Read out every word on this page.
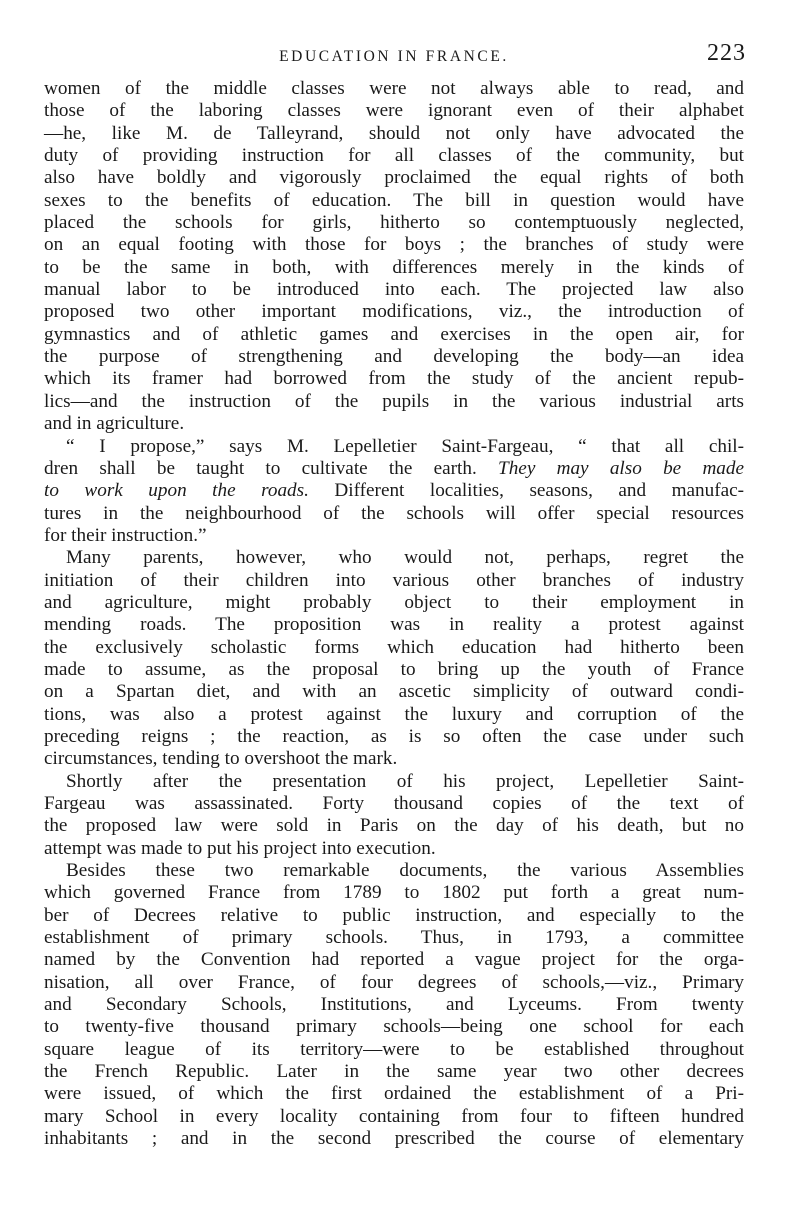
EDUCATION IN FRANCE.	223
women of the middle classes were not always able to read, and
those of the laboring classes were ignorant even of their alphabet
—he, like M. de Talleyrand, should not only have advocated the
duty of providing instruction for all classes of the community, but
also have boldly and vigorously proclaimed the equal rights of both
sexes to the benefits of education. The bill in question would have
placed the schools for girls, hitherto so contemptuously neglected,
on an equal footing with those for boys ; the branches of study were
to be the same in both, with differences merely in the kinds of
manual labor to be introduced into each. The projected law also
proposed two other important modifications, viz., the introduction of
gymnastics and of athletic games and exercises in the open air, for
the purpose of strengthening and developing the body—an idea
which its framer had borrowed from the study of the ancient repub-
lics—and the instruction of the pupils in the various industrial arts
and in agriculture.
“ I propose,” says M. Lepelletier Saint-Fargeau, “ that all chil-
dren shall be taught to cultivate the earth. They may also be made
to work upon the roads. Different localities, seasons, and manufac-
tures in the neighbourhood of the schools will offer special resources
for their instruction.”
Many parents, however, who would not, perhaps, regret the
initiation of their children into various other branches of industry
and agriculture, might probably object to their employment in
mending roads. The proposition was in reality a protest against
the exclusively scholastic forms which education had hitherto been
made to assume, as the proposal to bring up the youth of France
on a Spartan diet, and with an ascetic simplicity of outward condi-
tions, was also a protest against the luxury and corruption of the
preceding reigns ; the reaction, as is so often the case under such
circumstances, tending to overshoot the mark.
Shortly after the presentation of his project, Lepelletier Saint-
Fargeau was assassinated. Forty thousand copies of the text of
the proposed law were sold in Paris on the day of his death, but no
attempt was made to put his project into execution.
Besides these two remarkable documents, the various Assemblies
which governed France from 1789 to 1802 put forth a great num-
ber of Decrees relative to public instruction, and especially to the
establishment of primary schools. Thus, in 1793, a committee
named by the Convention had reported a vague project for the orga-
nisation, all over France, of four degrees of schools,—viz., Primary
and Secondary Schools, Institutions, and Lyceums. From twenty
to twenty-five thousand primary schools—being one school for each
square league of its territory—were to be established throughout
the French Republic. Later in the same year two other decrees
were issued, of which the first ordained the establishment of a Pri-
mary School in every locality containing from four to fifteen hundred
inhabitants ; and in the second prescribed the course of elementary
